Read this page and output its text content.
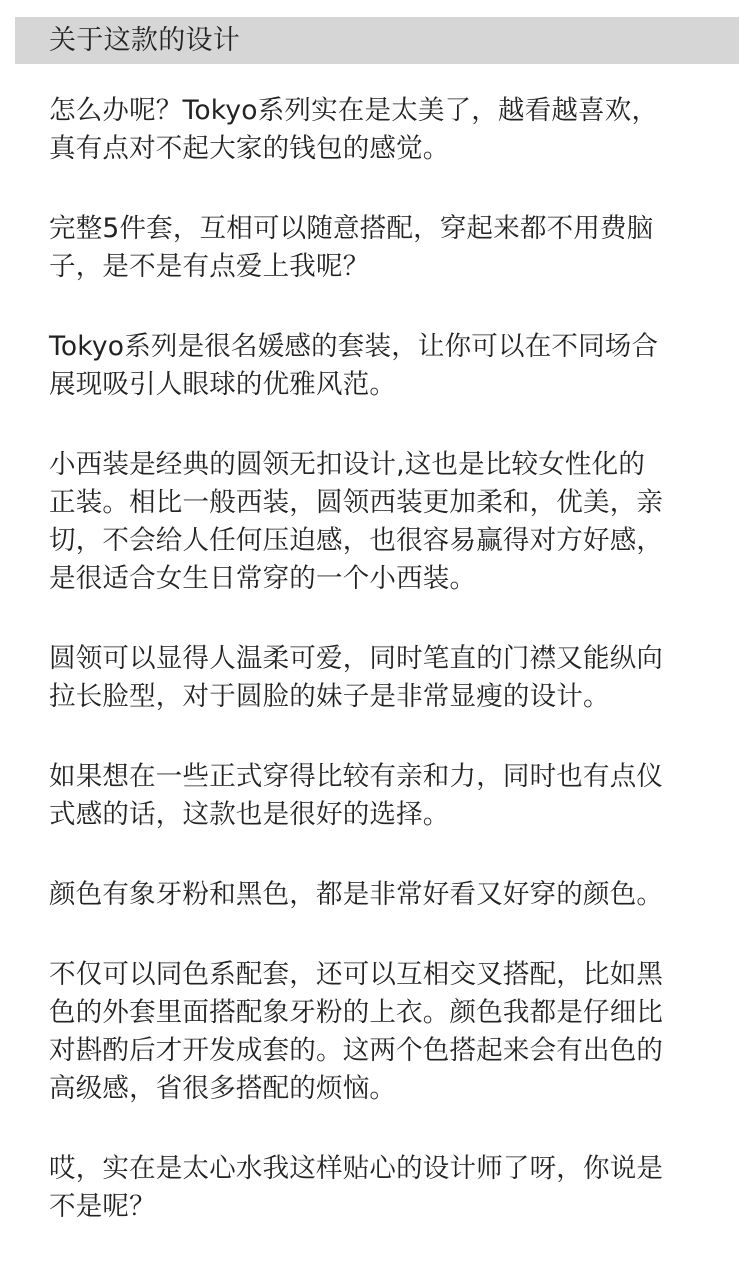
关于这款的设计

怎么办呢？Tokyo系列实在是太美了，越看越喜欢，
真有点对不起大家的钱包的感觉。

完整5件套，互相可以随意搭配，穿起来都不用费脑
子，是不是有点爱上我呢？

Tokyo系列是很名媛感的套装，让你可以在不同场合
展现吸引人眼球的优雅风范。

小西装是经典的圆领无扣设计,这也是比较女性化的
正装。相比一般西装，圆领西装更加柔和，优美，亲
切，不会给人任何压迫感，也很容易赢得对方好感，
是很适合女生日常穿的一个小西装。

圆领可以显得人温柔可爱，同时笔直的门襟又能纵向
拉长脸型，对于圆脸的妹子是非常显瘦的设计。

如果想在一些正式穿得比较有亲和力，同时也有点仪
式感的话，这款也是很好的选择。

颜色有象牙粉和黑色，都是非常好看又好穿的颜色。

不仅可以同色系配套，还可以互相交叉搭配，比如黑
色的外套里面搭配象牙粉的上衣。颜色我都是仔细比
对斟酌后才开发成套的。这两个色搭起来会有出色的
高级感，省很多搭配的烦恼。

哎，实在是太心水我这样贴心的设计师了呀，你说是
不是呢？
